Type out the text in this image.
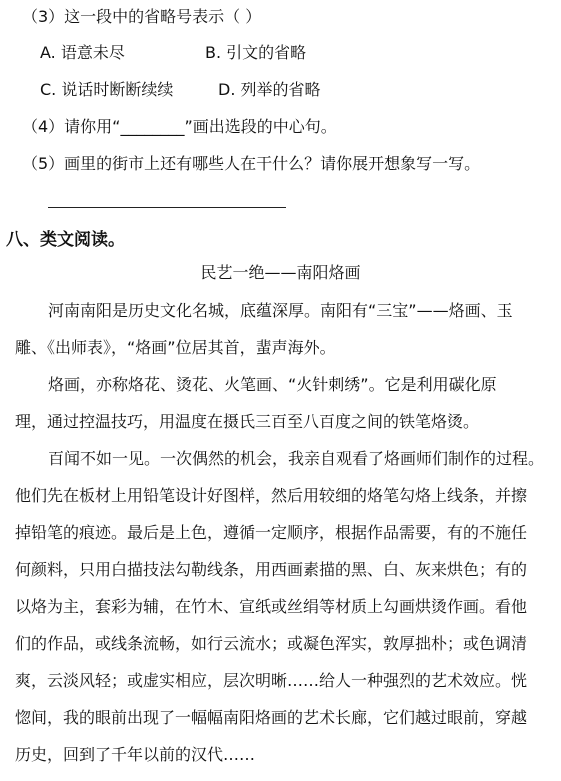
（3）这一段中的省略号表示（ ）
A. 语意未尽	B. 引文的省略
C. 说话时断断续续	D. 列举的省略
（4）请你用“________”画出选段的中心句。
（5）画里的街市上还有哪些人在干什么？请你展开想象写一写。
八、类文阅读。
民艺一绝——南阳烙画
河南南阳是历史文化名城，底蕴深厚。南阳有“三宝”——烙画、玉
雕、《出师表》，“烙画”位居其首，蜚声海外。
烙画，亦称烙花、烫花、火笔画、“火针刺绣”。它是利用碳化原
理，通过控温技巧，用温度在摄氏三百至八百度之间的铁笔烙烫。
百闻不如一见。一次偶然的机会，我亲自观看了烙画师们制作的过程。
他们先在板材上用铅笔设计好图样，然后用较细的烙笔勾烙上线条，并擦
掉铅笔的痕迹。最后是上色，遵循一定顺序，根据作品需要，有的不施任
何颜料，只用白描技法勾勒线条，用西画素描的黑、白、灰来烘色；有的
以烙为主，套彩为辅，在竹木、宣纸或丝绢等材质上勾画烘烫作画。看他
们的作品，或线条流畅，如行云流水；或凝色浑实，敦厚拙朴；或色调清
爽，云淡风轻；或虚实相应，层次明晰……给人一种强烈的艺术效应。恍
惚间，我的眼前出现了一幅幅南阳烙画的艺术长廊，它们越过眼前，穿越
历史，回到了千年以前的汉代……
